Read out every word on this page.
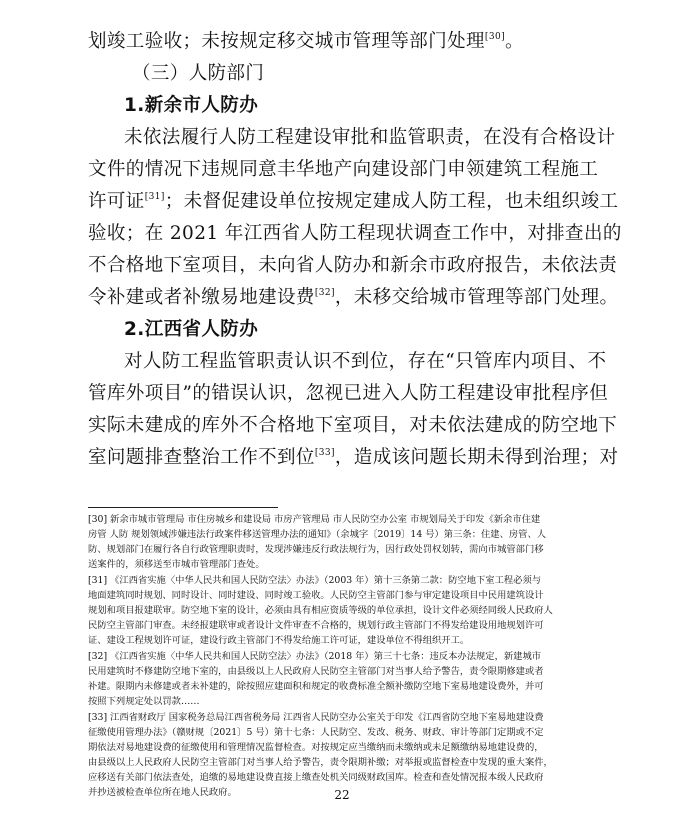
划竣工验收；未按规定移交城市管理等部门处理[30]。
（三）人防部门
1.新余市人防办
未依法履行人防工程建设审批和监管职责，在没有合格设计
文件的情况下违规同意丰华地产向建设部门申领建筑工程施工
许可证[31]；未督促建设单位按规定建成人防工程，也未组织竣工
验收；在 2021 年江西省人防工程现状调查工作中，对排查出的
不合格地下室项目，未向省人防办和新余市政府报告，未依法责
令补建或者补缴易地建设费[32]，未移交给城市管理等部门处理。
2.江西省人防办
对人防工程监管职责认识不到位，存在“只管库内项目、不
管库外项目”的错误认识，忽视已进入人防工程建设审批程序但
实际未建成的库外不合格地下室项目，对未依法建成的防空地下
室问题排查整治工作不到位[33]，造成该问题长期未得到治理；对
[30] 新余市城市管理局 市住房城乡和建设局 市房产管理局 市人民防空办公室 市规划局关于印发《新余市住建
房管 人防 规划领域涉嫌违法行政案件移送管理办法的通知》（余城字〔2019〕14 号）第三条：住建、房管、人
防、规划部门在履行各自行政管理职责时，发现涉嫌违反行政法规行为，因行政处罚权划转，需向市城管部门移
送案件的，须移送至市城市管理部门查处。
[31] 《江西省实施〈中华人民共和国人民防空法〉办法》（2003 年）第十三条第二款：防空地下室工程必须与
地面建筑同时规划、同时设计、同时建设、同时竣工验收。人民防空主管部门参与审定建设项目中民用建筑设计
规划和项目报建联审。防空地下室的设计，必须由具有相应资质等级的单位承担，设计文件必须经同级人民政府人
民防空主管部门审查。未经报建联审或者设计文件审查不合格的，规划行政主管部门不得发给建设用地规划许可
证、建设工程规划许可证，建设行政主管部门不得发给施工许可证，建设单位不得组织开工。
[32] 《江西省实施〈中华人民共和国人民防空法〉办法》（2018 年）第三十七条：违反本办法规定，新建城市
民用建筑时不修建防空地下室的，由县级以上人民政府人民防空主管部门对当事人给予警告，责令限期修建或者
补建。限期内未修建或者未补建的，除按照应建面积和规定的收费标准全额补缴防空地下室易地建设费外，并可
按照下列规定处以罚款……
[33] 江西省财政厅 国家税务总局江西省税务局 江西省人民防空办公室关于印发《江西省防空地下室易地建设费
征缴使用管理办法》（赣财规〔2021〕5 号）第十七条：人民防空、发改、税务、财政、审计等部门定期或不定
期依法对易地建设费的征缴使用和管理情况监督检查。对按规定应当缴纳而未缴纳或未足额缴纳易地建设费的，
由县级以上人民政府人民防空主管部门对当事人给予警告，责令限期补缴；对举报或监督检查中发现的重大案件，
应移送有关部门依法查处，追缴的易地建设费直接上缴查处机关同级财政国库。检查和查处情况报本级人民政府
并抄送被检查单位所在地人民政府。	22
